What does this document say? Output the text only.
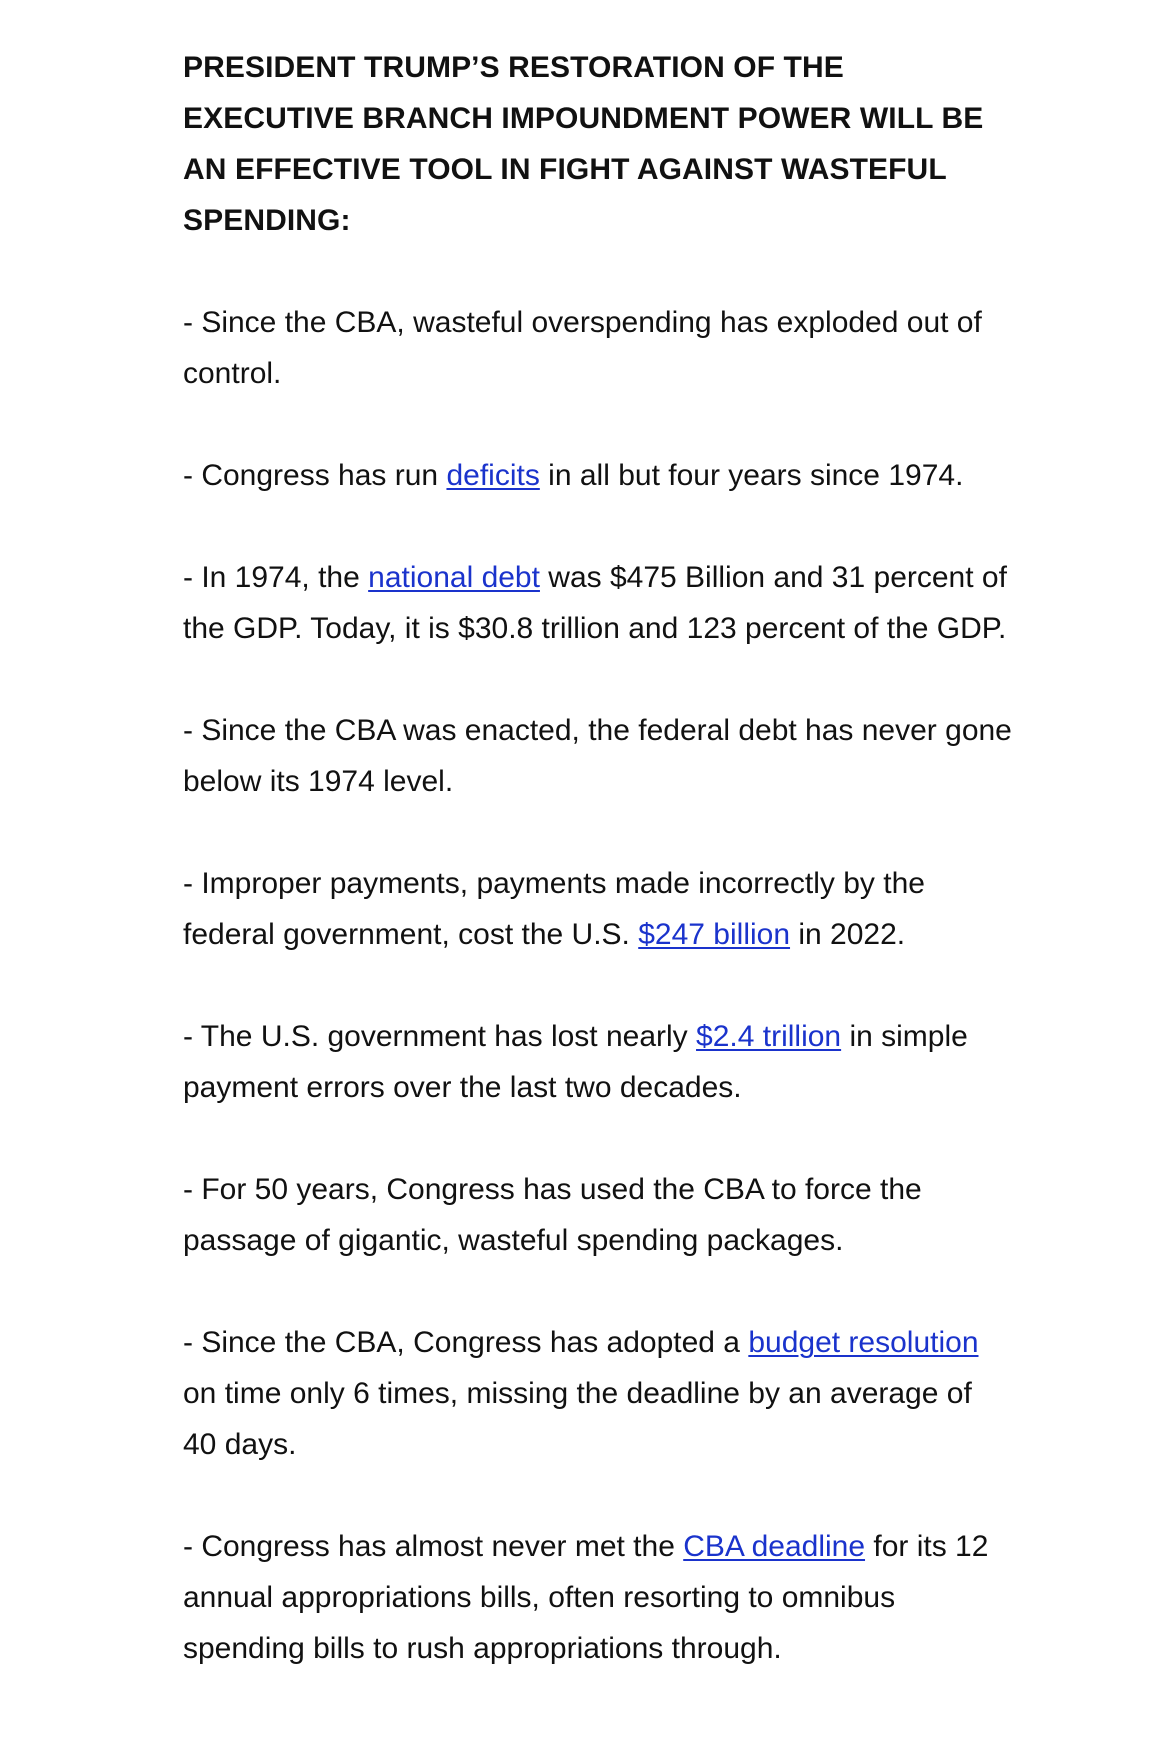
PRESIDENT TRUMP’S RESTORATION OF THE EXECUTIVE BRANCH IMPOUNDMENT POWER WILL BE AN EFFECTIVE TOOL IN FIGHT AGAINST WASTEFUL SPENDING:

- Since the CBA, wasteful overspending has exploded out of control.

- Congress has run deficits in all but four years since 1974.

- In 1974, the national debt was $475 Billion and 31 percent of the GDP. Today, it is $30.8 trillion and 123 percent of the GDP.

- Since the CBA was enacted, the federal debt has never gone below its 1974 level.

- Improper payments, payments made incorrectly by the federal government, cost the U.S. $247 billion in 2022.

- The U.S. government has lost nearly $2.4 trillion in simple payment errors over the last two decades.

- For 50 years, Congress has used the CBA to force the passage of gigantic, wasteful spending packages.

- Since the CBA, Congress has adopted a budget resolution on time only 6 times, missing the deadline by an average of 40 days.

- Congress has almost never met the CBA deadline for its 12 annual appropriations bills, often resorting to omnibus spending bills to rush appropriations through.
